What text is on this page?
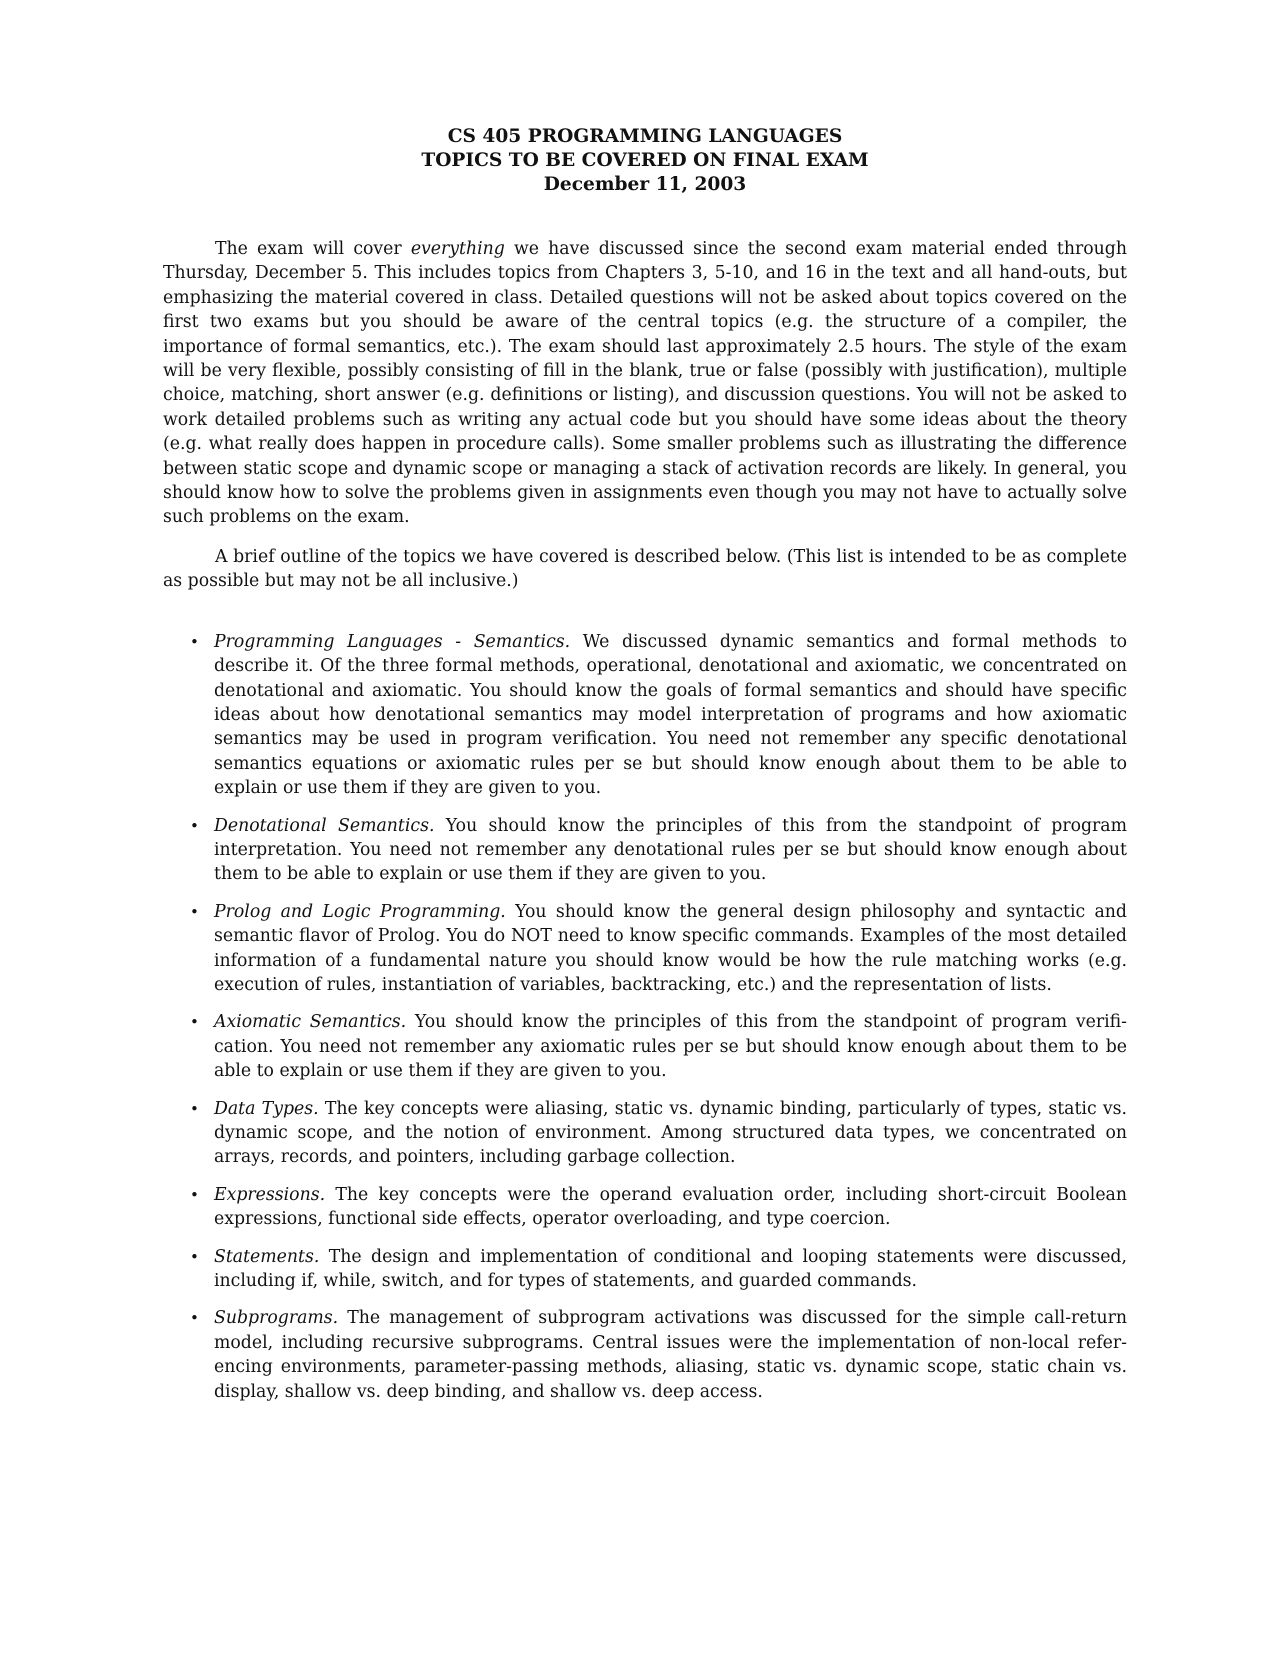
CS 405 PROGRAMMING LANGUAGES
TOPICS TO BE COVERED ON FINAL EXAM
December 11, 2003

The exam will cover everything we have discussed since the second exam material ended through Thursday, December 5. This includes topics from Chapters 3, 5-10, and 16 in the text and all hand-outs, but emphasizing the material covered in class. Detailed questions will not be asked about topics covered on the first two exams but you should be aware of the central topics (e.g. the structure of a compiler, the importance of formal semantics, etc.). The exam should last approximately 2.5 hours. The style of the exam will be very flexible, possibly consisting of fill in the blank, true or false (possibly with justification), multiple choice, matching, short answer (e.g. definitions or listing), and discussion questions. You will not be asked to work detailed problems such as writing any actual code but you should have some ideas about the theory (e.g. what really does happen in procedure calls). Some smaller problems such as illustrating the difference between static scope and dynamic scope or managing a stack of activation records are likely. In general, you should know how to solve the problems given in assignments even though you may not have to actually solve such problems on the exam.

A brief outline of the topics we have covered is described below. (This list is intended to be as complete as possible but may not be all inclusive.)

• Programming Languages - Semantics. We discussed dynamic semantics and formal methods to describe it. Of the three formal methods, operational, denotational and axiomatic, we concentrated on denotational and axiomatic. You should know the goals of formal semantics and should have specific ideas about how denotational semantics may model interpretation of programs and how axiomatic semantics may be used in program verification. You need not remember any specific denotational semantics equations or axiomatic rules per se but should know enough about them to be able to explain or use them if they are given to you.
• Denotational Semantics. You should know the principles of this from the standpoint of program interpretation. You need not remember any denotational rules per se but should know enough about them to be able to explain or use them if they are given to you.
• Prolog and Logic Programming. You should know the general design philosophy and syntactic and semantic flavor of Prolog. You do NOT need to know specific commands. Examples of the most detailed information of a fundamental nature you should know would be how the rule matching works (e.g. execution of rules, instantiation of variables, backtracking, etc.) and the representation of lists.
• Axiomatic Semantics. You should know the principles of this from the standpoint of program verification. You need not remember any axiomatic rules per se but should know enough about them to be able to explain or use them if they are given to you.
• Data Types. The key concepts were aliasing, static vs. dynamic binding, particularly of types, static vs. dynamic scope, and the notion of environment. Among structured data types, we concentrated on arrays, records, and pointers, including garbage collection.
• Expressions. The key concepts were the operand evaluation order, including short-circuit Boolean expressions, functional side effects, operator overloading, and type coercion.
• Statements. The design and implementation of conditional and looping statements were discussed, including if, while, switch, and for types of statements, and guarded commands.
• Subprograms. The management of subprogram activations was discussed for the simple call-return model, including recursive subprograms. Central issues were the implementation of non-local referencing environments, parameter-passing methods, aliasing, static vs. dynamic scope, static chain vs. display, shallow vs. deep binding, and shallow vs. deep access.
